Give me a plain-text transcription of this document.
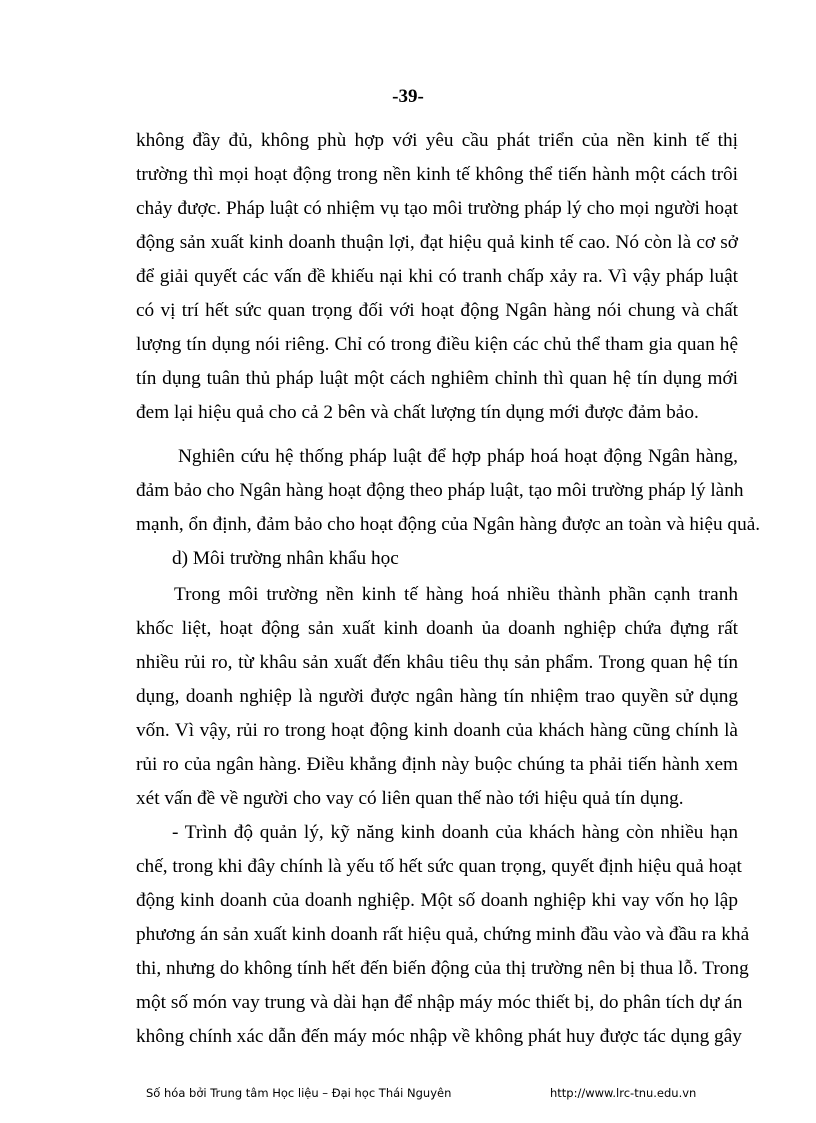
-39-
không đầy đủ, không phù hợp với yêu cầu phát triển của nền kinh tế thị
trường thì mọi hoạt động trong nền kinh tế không thể tiến hành một cách trôi
chảy được. Pháp luật có nhiệm vụ tạo môi trường pháp lý cho mọi người hoạt
động sản xuất kinh doanh thuận lợi, đạt hiệu quả kinh tế cao. Nó còn là cơ sở
để giải quyết các vấn đề khiếu nại khi có tranh chấp xảy ra. Vì vậy pháp luật
có vị trí hết sức quan trọng đối với hoạt động Ngân hàng nói chung và chất
lượng tín dụng nói riêng. Chỉ có trong điều kiện các chủ thể tham gia quan hệ
tín dụng tuân thủ pháp luật một cách nghiêm chỉnh thì quan hệ tín dụng mới
đem lại hiệu quả cho cả 2 bên và chất lượng tín dụng mới được đảm bảo.
Nghiên cứu hệ thống pháp luật để hợp pháp hoá hoạt động Ngân hàng,
đảm bảo cho Ngân hàng hoạt động theo pháp luật, tạo môi trường pháp lý lành
mạnh, ổn định, đảm bảo cho hoạt động của Ngân hàng được an toàn và hiệu quả.
d) Môi trường nhân khẩu học
Trong môi trường nền kinh tế hàng hoá nhiều thành phần cạnh tranh
khốc liệt, hoạt động sản xuất kinh doanh ủa doanh nghiệp chứa đựng rất
nhiều rủi ro, từ khâu sản xuất đến khâu tiêu thụ sản phẩm. Trong quan hệ tín
dụng, doanh nghiệp là người được ngân hàng tín nhiệm trao quyền sử dụng
vốn. Vì vậy, rủi ro trong hoạt động kinh doanh của khách hàng cũng chính là
rủi ro của ngân hàng. Điều khẳng định này buộc chúng ta phải tiến hành xem
xét vấn đề về người cho vay có liên quan thế nào tới hiệu quả tín dụng.
- Trình độ quản lý, kỹ năng kinh doanh của khách hàng còn nhiều hạn
chế, trong khi đây chính là yếu tố hết sức quan trọng, quyết định hiệu quả hoạt
động kinh doanh của doanh nghiệp. Một số doanh nghiệp khi vay vốn họ lập
phương án sản xuất kinh doanh rất hiệu quả, chứng minh đầu vào và đầu ra khả
thi, nhưng do không tính hết đến biến động của thị trường nên bị thua lỗ. Trong
một số món vay trung và dài hạn để nhập máy móc thiết bị, do phân tích dự án
không chính xác dẫn đến máy móc nhập về không phát huy được tác dụng gây
Số hóa bởi Trung tâm Học liệu – Đại học Thái Nguyên	http://www.lrc-tnu.edu.vn
